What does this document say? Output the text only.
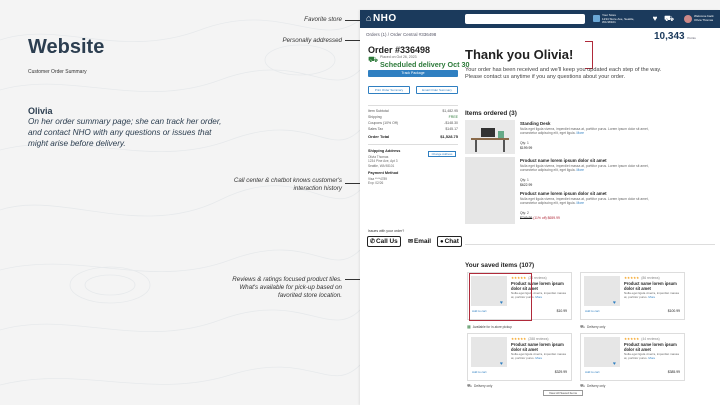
Website
Customer Order Summary
Olivia
On her order summary page; she can track her order, and contact NHO with any questions or issues that might arise before delivery.
Favorite store
Personally addressed
Call center & chatbot knows customer's interaction history
Reviews & ratings focused product tiles. What's available for pick-up based on favorited store location.
⌂NHO	Your Store
1234 Store Ave, Seattle, WA 98101	♥ ⛟	Welcome back
Olivia Thomas
Orders (1) / Order Central #336498	10,343 Points
Order #336498
⛟ Placed on Oct 26, 2023
Scheduled delivery Oct 30
Track Package
Print Order Summary	Email Order Summary
Item Subtotal	$1,482.95
Shipping	FREE
Coupons (10% Off)	-$148.30
Sales Tax	$145.17
Order Total	$1,528.75
Shipping Address
Change Address
Olivia Thomas
1234 Pine Ave, Apt 3
Seattle, WA 98101
Payment Method
Visa ****4789
Exp: 02/26
Issues with your order?
✆Call Us	✉Email	●Chat
Thank you Olivia!
Your order has been received and we'll keep you updated each step of the way. Please contact us anytime if you any questions about your order.
Items ordered (3)
Standing Desk
Nulla eget ligula viverra, imperdiet massa at, porttitor purus. Lorem ipsum dolor sit amet, consectetur adipiscing elit, eget ligula. More
Qty: 1
$199.99
Product name lorem ipsum dolor sit amet
Nulla eget ligula viverra, imperdiet massa at, porttitor purus. Lorem ipsum dolor sit amet, consectetur adipiscing elit, eget ligula. More
Qty: 1
$622.99
Product name lorem ipsum dolor sit amet
Nulla eget ligula viverra, imperdiet massa at, porttitor purus. Lorem ipsum dolor sit amet, consectetur adipiscing elit, eget ligula. More
Qty: 2
$749.99 (11% off) $659.99
Your saved items (107)
♥
★★★★★ (20 reviews)
Product name lorem ipsum dolor sit amet
Nulla eget ligula viverra, imperdiet massa at, porttitor purus. More
Add to cart	$10.99
▦ Available for in-store pickup
♥
★★★★★ (86 reviews)
Product name lorem ipsum dolor sit amet
Nulla eget ligula viverra, imperdiet massa at, porttitor purus. More
Add to cart	$100.99
⛟ Delivery only
♥
★★★★★ (288 reviews)
Product name lorem ipsum dolor sit amet
Nulla eget ligula viverra, imperdiet massa at, porttitor purus. More
Add to cart	$329.99
⛟ Delivery only
♥
★★★★★ (44 reviews)
Product name lorem ipsum dolor sit amet
Nulla eget ligula viverra, imperdiet massa at, porttitor purus. More
Add to cart	$385.99
⛟ Delivery only
View All Saved Items
